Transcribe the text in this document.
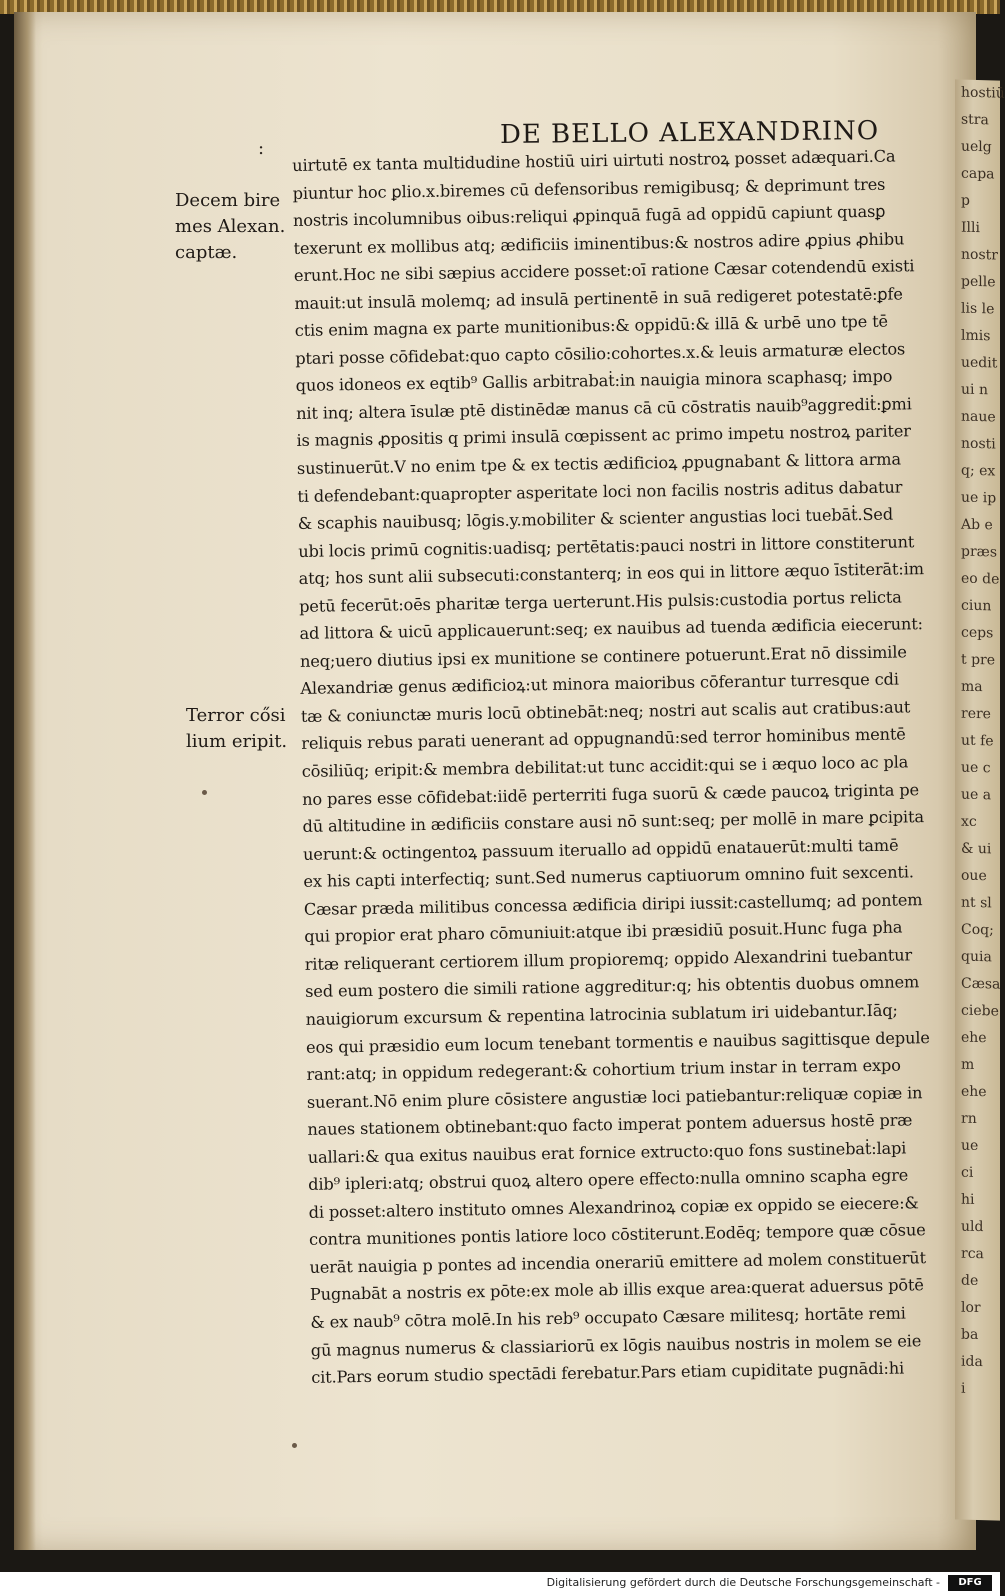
hostiū
stra
uelg
capa
p
Illi
nostr
pelle
lis le
lmis
uedit
ui n
naue
nosti
q; ex
ue ip
Ab e
præs
eo de
ciun
ceps
t pre
ma
rere
ut fe
ue c
ue a
xc
& ui
oue
nt sl
Coq;
quia
Cæsa
ciebe
ehe
m
ehe
rn
ue
ci
hi
uld
rca
de
lor
ba
ida
i
:	DE BELLO ALEXANDRINO
Decem bire
mes Alexan.
captæ.
Terror cősi
lium eripit.
uirtutē ex tanta multidudine hostiū uiri uirtuti nostroꝝ posset adæquari.Ca
piuntur hoc ꝑlio.x.biremes cū defensoribus remigibusq; & deprimunt tres
nostris incolumnibus oibus:reliqui ꝓpinquā fugā ad oppidū capiunt quasꝑ
texerunt ex mollibus atq; ædificiis iminentibus:& nostros adire ꝓpius ꝓhibu
erunt.Hoc ne sibi sæpius accidere posset:oī ratione Cæsar cotendendū existi
mauit:ut insulā molemq; ad insulā pertinentē in suā redigeret potestatē:ꝑfe
ctis enim magna ex parte munitionibus:& oppidū:& illā & urbē uno tpe tē
ptari posse cōfidebat:quo capto cōsilio:cohortes.x.& leuis armaturæ electos
quos idoneos ex eqtib⁹ Gallis arbitrabaṫ:in nauigia minora scaphasq; impo
nit inq; altera īsulæ ptē distinēdæ manus cā cū cōstratis nauib⁹aggrediṫ:ꝑmi
is magnis ꝓpositis q primi insulā cœpissent ac primo impetu nostroꝝ pariter
sustinuerūt.V no enim tpe & ex tectis ædificioꝝ ꝓpugnabant & littora arma
ti defendebant:quapropter asperitate loci non facilis nostris aditus dabatur
& scaphis nauibusq; lōgis.y.mobiliter & scienter angustias loci tuebāṫ.Sed
ubi locis primū cognitis:uadisq; pertētatis:pauci nostri in littore constiterunt
atq; hos sunt alii subsecuti:constanterq; in eos qui in littore æquo īstiterāt:im
petū fecerūt:oēs pharitæ terga uerterunt.His pulsis:custodia portus relicta
ad littora & uicū applicauerunt:seq; ex nauibus ad tuenda ædificia eiecerunt:
neq;uero diutius ipsi ex munitione se continere potuerunt.Erat nō dissimile
Alexandriæ genus ædificioꝝ:ut minora maioribus cōferantur turresque cdi
tæ & coniunctæ muris locū obtinebāt:neq; nostri aut scalis aut cratibus:aut
reliquis rebus parati uenerant ad oppugnandū:sed terror hominibus mentē
cōsiliūq; eripit:& membra debilitat:ut tunc accidit:qui se i æquo loco ac pla
no pares esse cōfidebat:iidē perterriti fuga suorū & cæde paucoꝝ triginta pe
dū altitudine in ædificiis constare ausi nō sunt:seq; per mollē in mare ꝑcipita
uerunt:& octingentoꝝ passuum iteruallo ad oppidū enatauerūt:multi tamē
ex his capti interfectiq; sunt.Sed numerus captiuorum omnino fuit sexcenti.
Cæsar præda militibus concessa ædificia diripi iussit:castellumq; ad pontem
qui propior erat pharo cōmuniuit:atque ibi præsidiū posuit.Hunc fuga pha
ritæ reliquerant certiorem illum propioremq; oppido Alexandrini tuebantur
sed eum postero die simili ratione aggreditur:q; his obtentis duobus omnem
nauigiorum excursum & repentina latrocinia sublatum iri uidebantur.Iāq;
eos qui præsidio eum locum tenebant tormentis e nauibus sagittisque depule
rant:atq; in oppidum redegerant:& cohortium trium instar in terram expo
suerant.Nō enim plure cōsistere angustiæ loci patiebantur:reliquæ copiæ in
naues stationem obtinebant:quo facto imperat pontem aduersus hostē præ
uallari:& qua exitus nauibus erat fornice extructo:quo fons sustinebaṫ:lapi
dib⁹ ipleri:atq; obstrui quoꝝ altero opere effecto:nulla omnino scapha egre
di posset:altero instituto omnes Alexandrinoꝝ copiæ ex oppido se eiecere:&
contra munitiones pontis latiore loco cōstiterunt.Eodēq; tempore quæ cōsue
uerāt nauigia p pontes ad incendia onerariū emittere ad molem constituerūt
Pugnabāt a nostris ex pōte:ex mole ab illis exque area:querat aduersus pōtē
& ex naub⁹ cōtra molē.In his reb⁹ occupato Cæsare militesq; hortāte remi
gū magnus numerus & classiariorū ex lōgis nauibus nostris in molem se eie
cit.Pars eorum studio spectādi ferebatur.Pars etiam cupiditate pugnādi:hi
Digitalisierung gefördert durch die Deutsche Forschungsgemeinschaft -	DFG
